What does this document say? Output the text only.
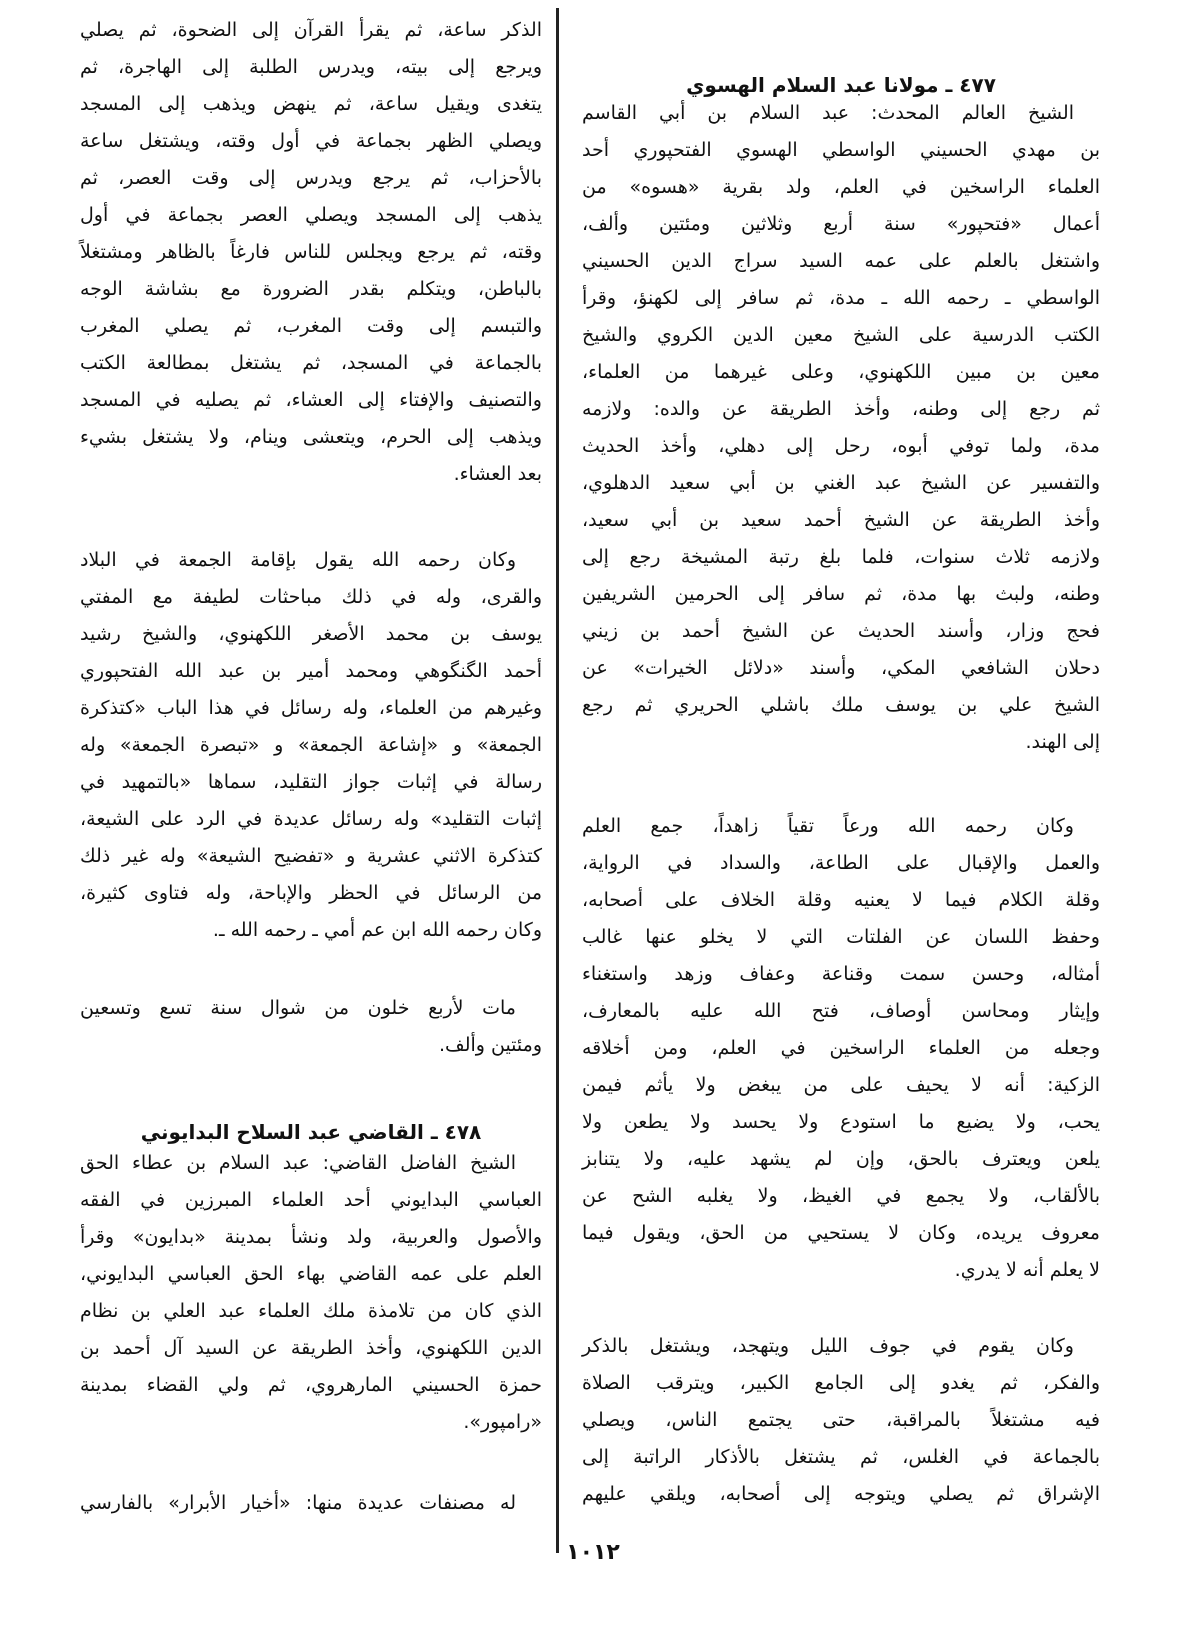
الذكر ساعة، ثم يقرأ القرآن إلى الضحوة، ثم يصلي
ويرجع إلى بيته، ويدرس الطلبة إلى الهاجرة، ثم
يتغدى ويقيل ساعة، ثم ينهض ويذهب إلى المسجد
ويصلي الظهر بجماعة في أول وقته، ويشتغل ساعة
بالأحزاب، ثم يرجع ويدرس إلى وقت العصر، ثم
يذهب إلى المسجد ويصلي العصر بجماعة في أول
وقته، ثم يرجع ويجلس للناس فارغاً بالظاهر ومشتغلاً
بالباطن، ويتكلم بقدر الضرورة مع بشاشة الوجه
والتبسم إلى وقت المغرب، ثم يصلي المغرب
بالجماعة في المسجد، ثم يشتغل بمطالعة الكتب
والتصنيف والإفتاء إلى العشاء، ثم يصليه في المسجد
ويذهب إلى الحرم، ويتعشى وينام، ولا يشتغل بشيء
بعد العشاء.
وكان رحمه الله يقول بإقامة الجمعة في البلاد
والقرى، وله في ذلك مباحثات لطيفة مع المفتي
يوسف بن محمد الأصغر اللكهنوي، والشيخ رشيد
أحمد الگنگوهي ومحمد أمير بن عبد الله الفتحپوري
وغيرهم من العلماء، وله رسائل في هذا الباب «كتذكرة
الجمعة» و «إشاعة الجمعة» و «تبصرة الجمعة» وله
رسالة في إثبات جواز التقليد، سماها «بالتمهيد في
إثبات التقليد» وله رسائل عديدة في الرد على الشيعة،
كتذكرة الاثني عشرية و «تفضيح الشيعة» وله غير ذلك
من الرسائل في الحظر والإباحة، وله فتاوى كثيرة،
وكان رحمه الله ابن عم أمي ـ رحمه الله ـ.
مات لأربع خلون من شوال سنة تسع وتسعين
ومئتين وألف.
٤٧٨ ـ القاضي عبد السلاح البدايوني
الشيخ الفاضل القاضي: عبد السلام بن عطاء الحق
العباسي البدايوني أحد العلماء المبرزين في الفقه
والأصول والعربية، ولد ونشأ بمدينة «بدايون» وقرأ
العلم على عمه القاضي بهاء الحق العباسي البدايوني،
الذي كان من تلامذة ملك العلماء عبد العلي بن نظام
الدين اللكهنوي، وأخذ الطريقة عن السيد آل أحمد بن
حمزة الحسيني المارهروي، ثم ولي القضاء بمدينة
«رامپور».
له مصنفات عديدة منها: «أخيار الأبرار» بالفارسي
٤٧٧ ـ مولانا عبد السلام الهسوي
الشيخ العالم المحدث: عبد السلام بن أبي القاسم
بن مهدي الحسيني الواسطي الهسوي الفتحپوري أحد
العلماء الراسخين في العلم، ولد بقرية «هسوه» من
أعمال «فتحپور» سنة أربع وثلاثين ومئتين وألف،
واشتغل بالعلم على عمه السيد سراج الدين الحسيني
الواسطي ـ رحمه الله ـ مدة، ثم سافر إلى لكهنؤ، وقرأ
الكتب الدرسية على الشيخ معين الدين الكروي والشيخ
معين بن مبين اللكهنوي، وعلى غيرهما من العلماء،
ثم رجع إلى وطنه، وأخذ الطريقة عن والده: ولازمه
مدة، ولما توفي أبوه، رحل إلى دهلي، وأخذ الحديث
والتفسير عن الشيخ عبد الغني بن أبي سعيد الدهلوي،
وأخذ الطريقة عن الشيخ أحمد سعيد بن أبي سعيد،
ولازمه ثلاث سنوات، فلما بلغ رتبة المشيخة رجع إلى
وطنه، ولبث بها مدة، ثم سافر إلى الحرمين الشريفين
فحج وزار، وأسند الحديث عن الشيخ أحمد بن زيني
دحلان الشافعي المكي، وأسند «دلائل الخيرات» عن
الشيخ علي بن يوسف ملك باشلي الحريري ثم رجع
إلى الهند.
وكان رحمه الله ورعاً تقياً زاهداً، جمع العلم
والعمل والإقبال على الطاعة، والسداد في الرواية،
وقلة الكلام فيما لا يعنيه وقلة الخلاف على أصحابه،
وحفظ اللسان عن الفلتات التي لا يخلو عنها غالب
أمثاله، وحسن سمت وقناعة وعفاف وزهد واستغناء
وإيثار ومحاسن أوصاف، فتح الله عليه بالمعارف،
وجعله من العلماء الراسخين في العلم، ومن أخلاقه
الزكية: أنه لا يحيف على من يبغض ولا يأثم فيمن
يحب، ولا يضيع ما استودع ولا يحسد ولا يطعن ولا
يلعن ويعترف بالحق، وإن لم يشهد عليه، ولا يتنابز
بالألقاب، ولا يجمع في الغيظ، ولا يغلبه الشح عن
معروف يريده، وكان لا يستحيي من الحق، ويقول فيما
لا يعلم أنه لا يدري.
وكان يقوم في جوف الليل ويتهجد، ويشتغل بالذكر
والفكر، ثم يغدو إلى الجامع الكبير، ويترقب الصلاة
فيه مشتغلاً بالمراقبة، حتى يجتمع الناس، ويصلي
بالجماعة في الغلس، ثم يشتغل بالأذكار الراتبة إلى
الإشراق ثم يصلي ويتوجه إلى أصحابه، ويلقي عليهم
١٠١٢
